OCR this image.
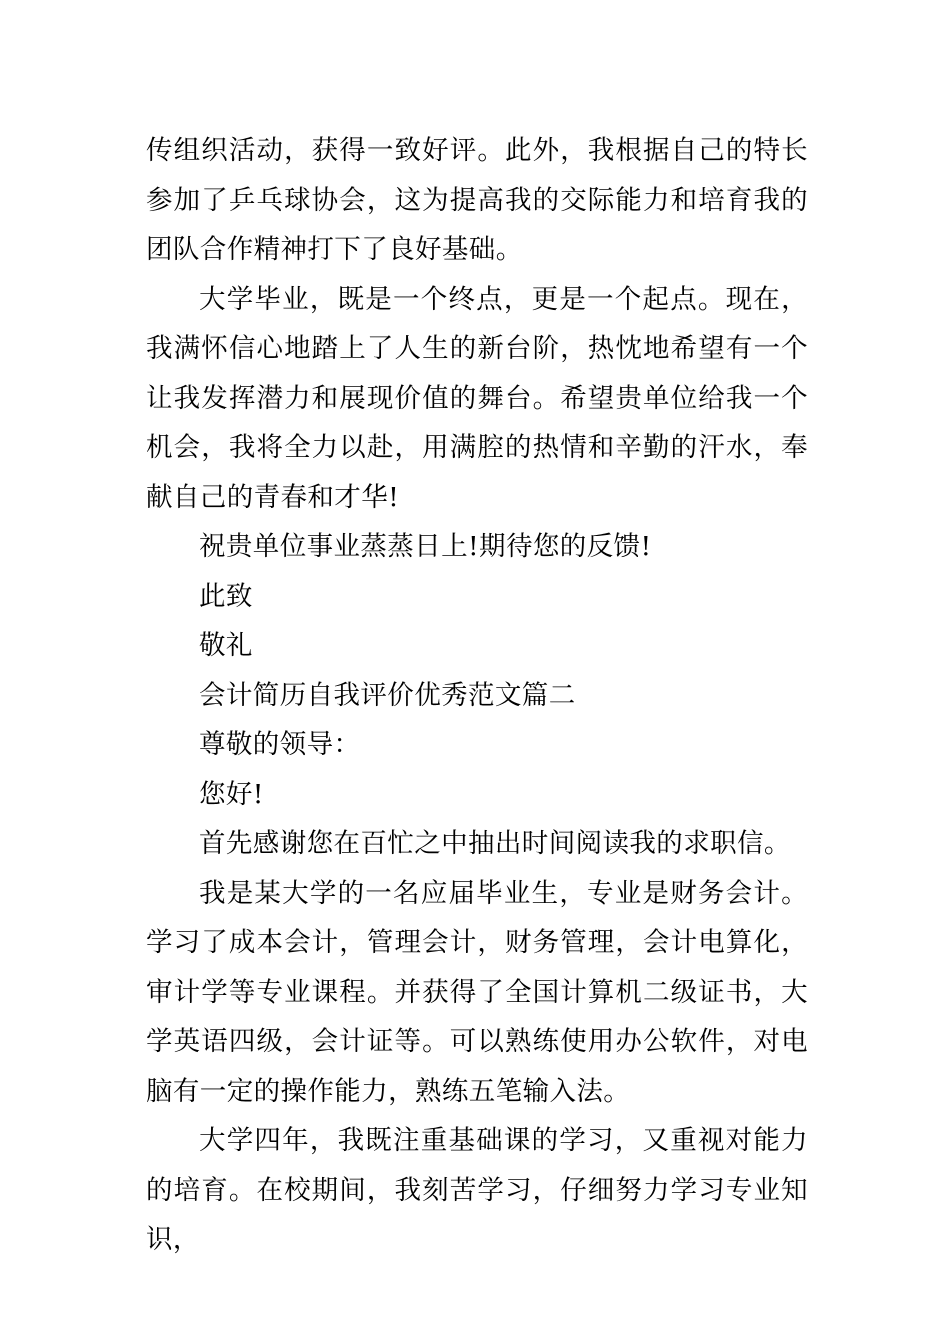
传组织活动，获得一致好评。此外，我根据自己的特长参加了乒乓球协会，这为提高我的交际能力和培育我的团队合作精神打下了良好基础。

大学毕业，既是一个终点，更是一个起点。现在，我满怀信心地踏上了人生的新台阶，热忱地希望有一个让我发挥潜力和展现价值的舞台。希望贵单位给我一个机会，我将全力以赴，用满腔的热情和辛勤的汗水，奉献自己的青春和才华!

祝贵单位事业蒸蒸日上!期待您的反馈!

此致

敬礼

会计简历自我评价优秀范文篇二

尊敬的领导：

您好!

首先感谢您在百忙之中抽出时间阅读我的求职信。

我是某大学的一名应届毕业生，专业是财务会计。学习了成本会计，管理会计，财务管理，会计电算化，审计学等专业课程。并获得了全国计算机二级证书，大学英语四级，会计证等。可以熟练使用办公软件，对电脑有一定的操作能力，熟练五笔输入法。

大学四年，我既注重基础课的学习，又重视对能力的培育。在校期间，我刻苦学习，仔细努力学习专业知识，
